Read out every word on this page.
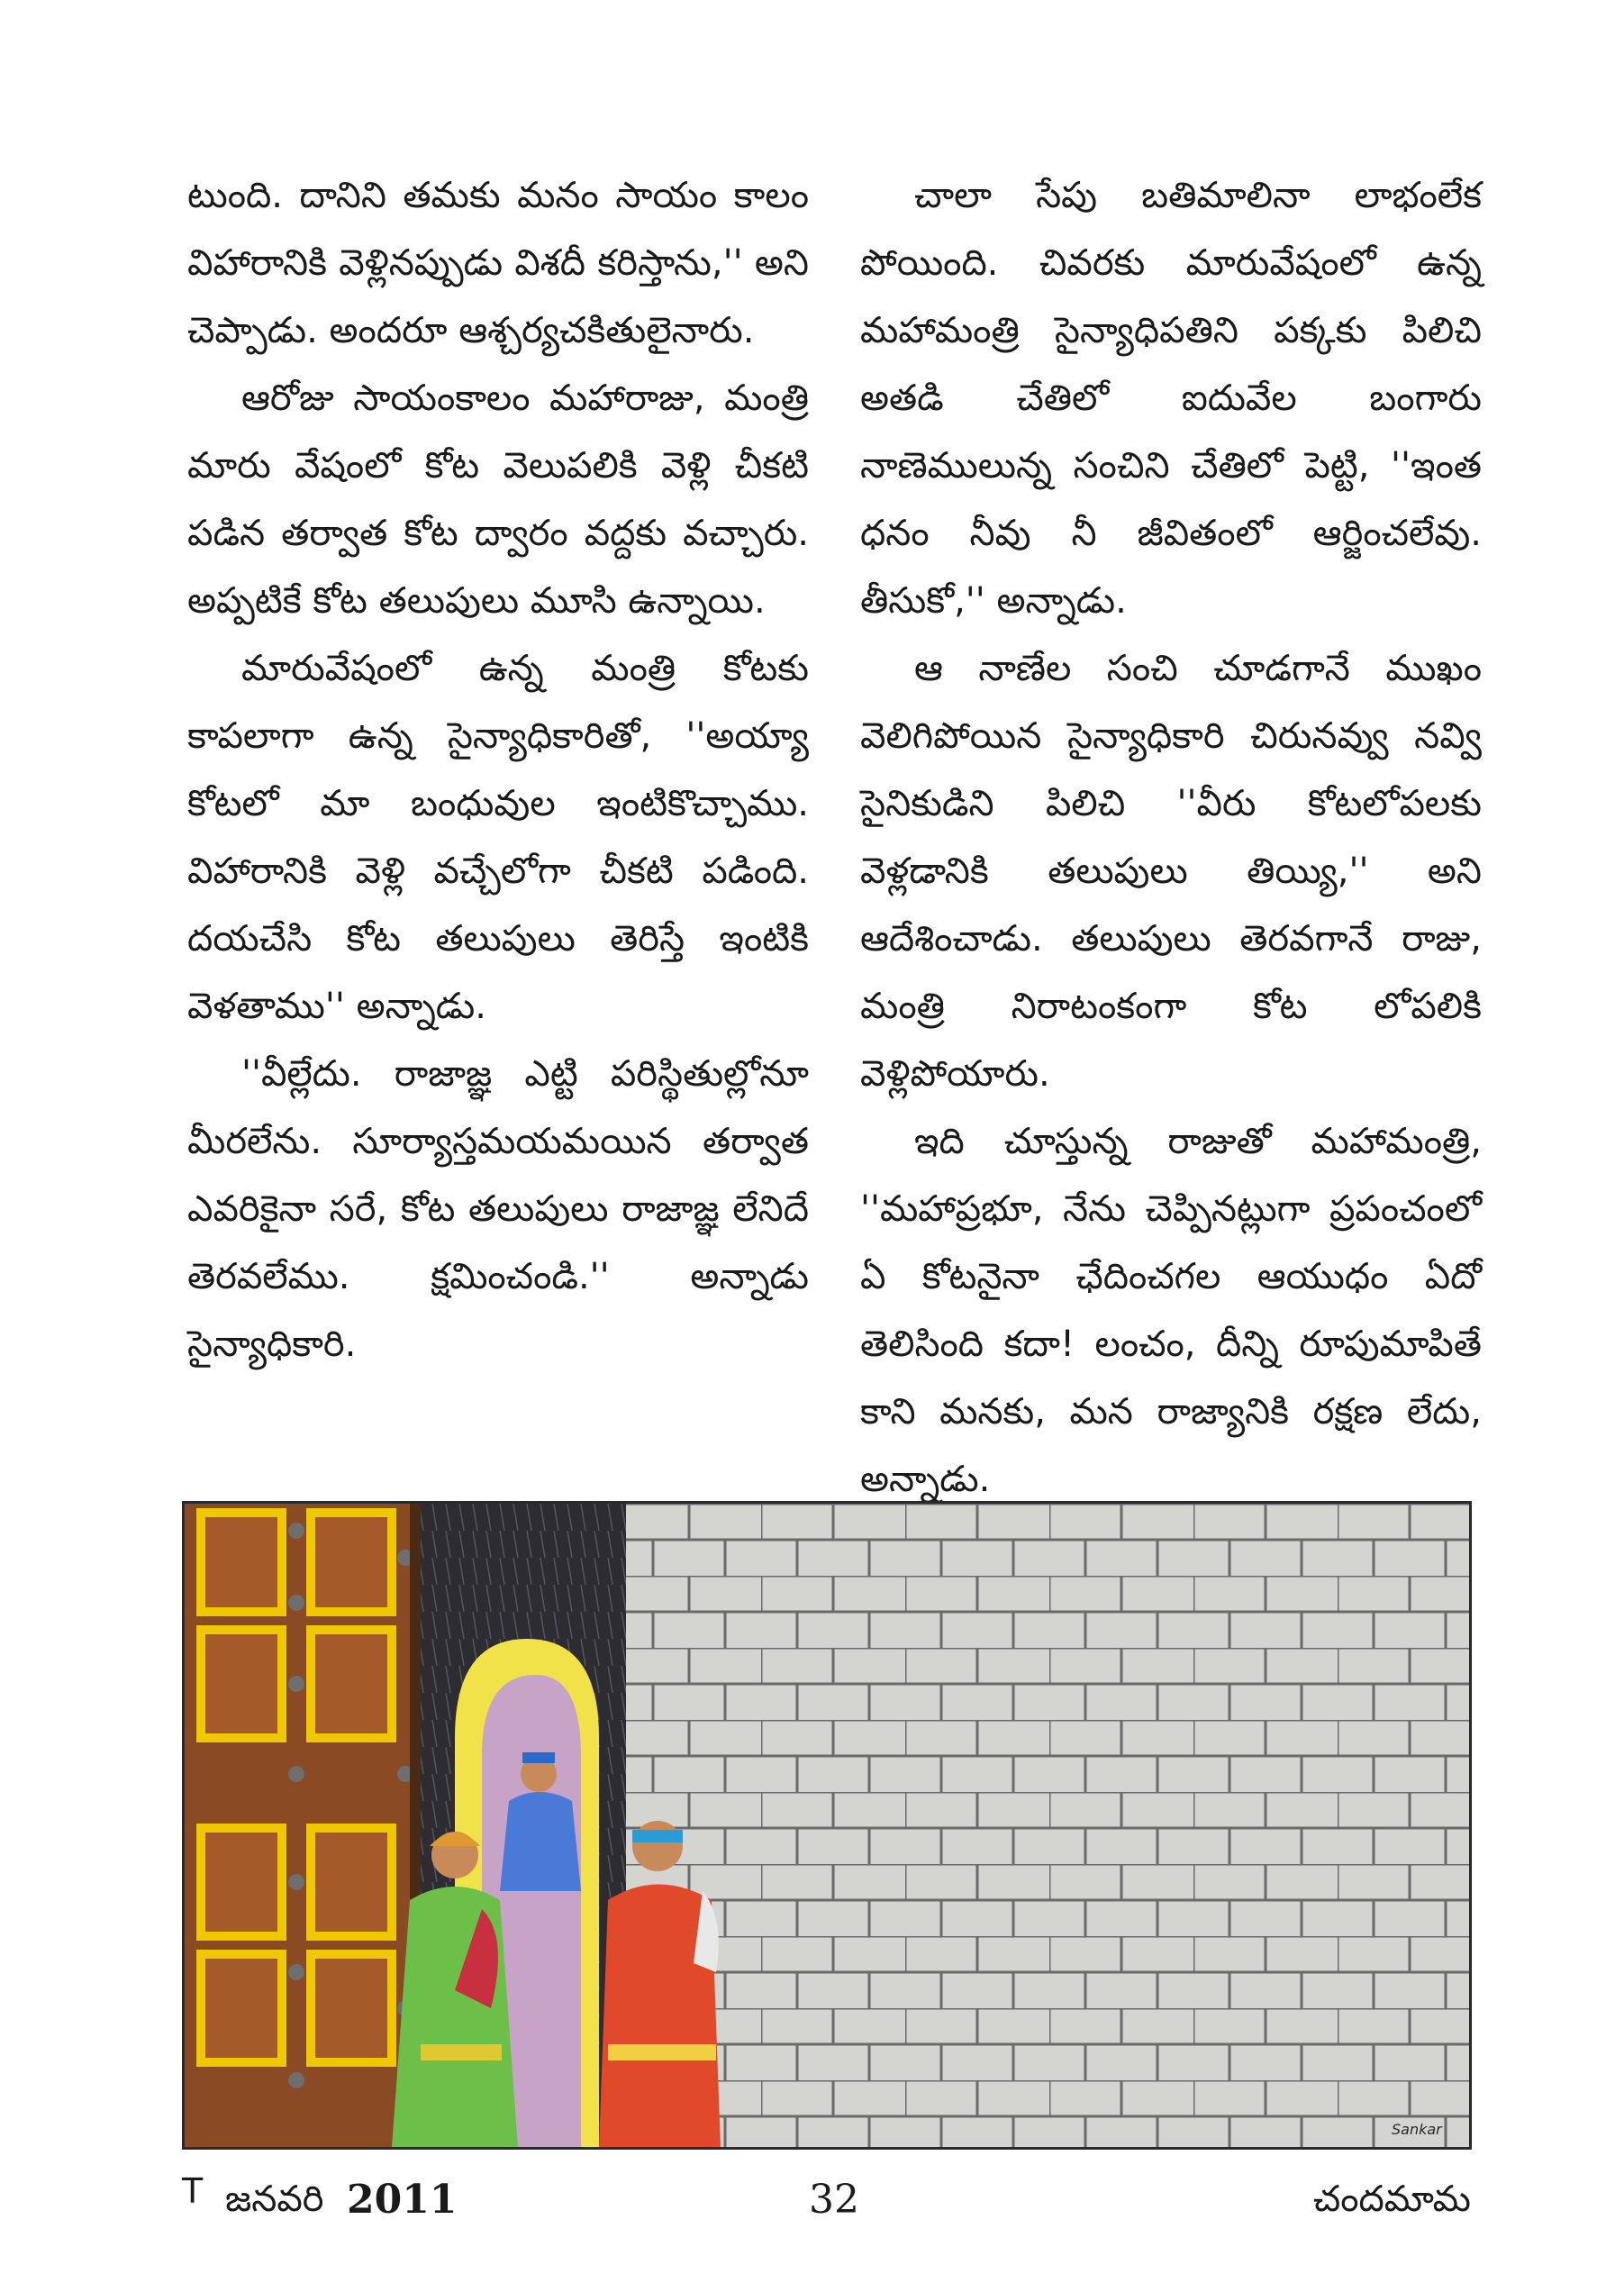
టుంది. దానిని తమకు మనం సాయం కాలం విహారానికి వెళ్లినప్పుడు విశదీ కరిస్తాను,'' అని చెప్పాడు. అందరూ ఆశ్చర్యచకితులైనారు.

ఆరోజు సాయంకాలం మహారాజు, మంత్రి మారు వేషంలో కోట వెలుపలికి వెళ్లి చీకటి పడిన తర్వాత కోట ద్వారం వద్దకు వచ్చారు. అప్పటికే కోట తలుపులు మూసి ఉన్నాయి.

మారువేషంలో ఉన్న మంత్రి కోటకు కాపలాగా ఉన్న సైన్యాధికారితో, ''అయ్యా కోటలో మా బంధువుల ఇంటికొచ్చాము. విహారానికి వెళ్లి వచ్చేలోగా చీకటి పడింది. దయచేసి కోట తలుపులు తెరిస్తే ఇంటికి వెళతాము'' అన్నాడు.

''వీల్లేదు. రాజాజ్ఞ ఎట్టి పరిస్థితుల్లోనూ మీరలేను. సూర్యాస్తమయమయిన తర్వాత ఎవరికైనా సరే, కోట తలుపులు రాజాజ్ఞ లేనిదే తెరవలేము. క్షమించండి.'' అన్నాడు సైన్యాధికారి.

చాలా సేపు బతిమాలినా లాభంలేక పోయింది. చివరకు మారువేషంలో ఉన్న మహామంత్రి సైన్యాధిపతిని పక్కకు పిలిచి అతడి చేతిలో ఐదువేల బంగారు నాణెములున్న సంచిని చేతిలో పెట్టి, ''ఇంత ధనం నీవు నీ జీవితంలో ఆర్జించలేవు. తీసుకో,'' అన్నాడు.

ఆ నాణేల సంచి చూడగానే ముఖం వెలిగిపోయిన సైన్యాధికారి చిరునవ్వు నవ్వి సైనికుడిని పిలిచి ''వీరు కోటలోపలకు వెళ్లడానికి తలుపులు తియ్యి,'' అని ఆదేశించాడు. తలుపులు తెరవగానే రాజు, మంత్రి నిరాటంకంగా కోట లోపలికి వెళ్లిపోయారు.

ఇది చూస్తున్న రాజుతో మహామంత్రి, ''మహాప్రభూ, నేను చెప్పినట్లుగా ప్రపంచంలో ఏ కోటనైనా ఛేదించగల ఆయుధం ఏదో తెలిసింది కదా! లంచం, దీన్ని రూపుమాపితే కాని మనకు, మన రాజ్యానికి రక్షణ లేదు, అన్నాడు.

Sankar
T జనవరి 2011	32	చందమామ
